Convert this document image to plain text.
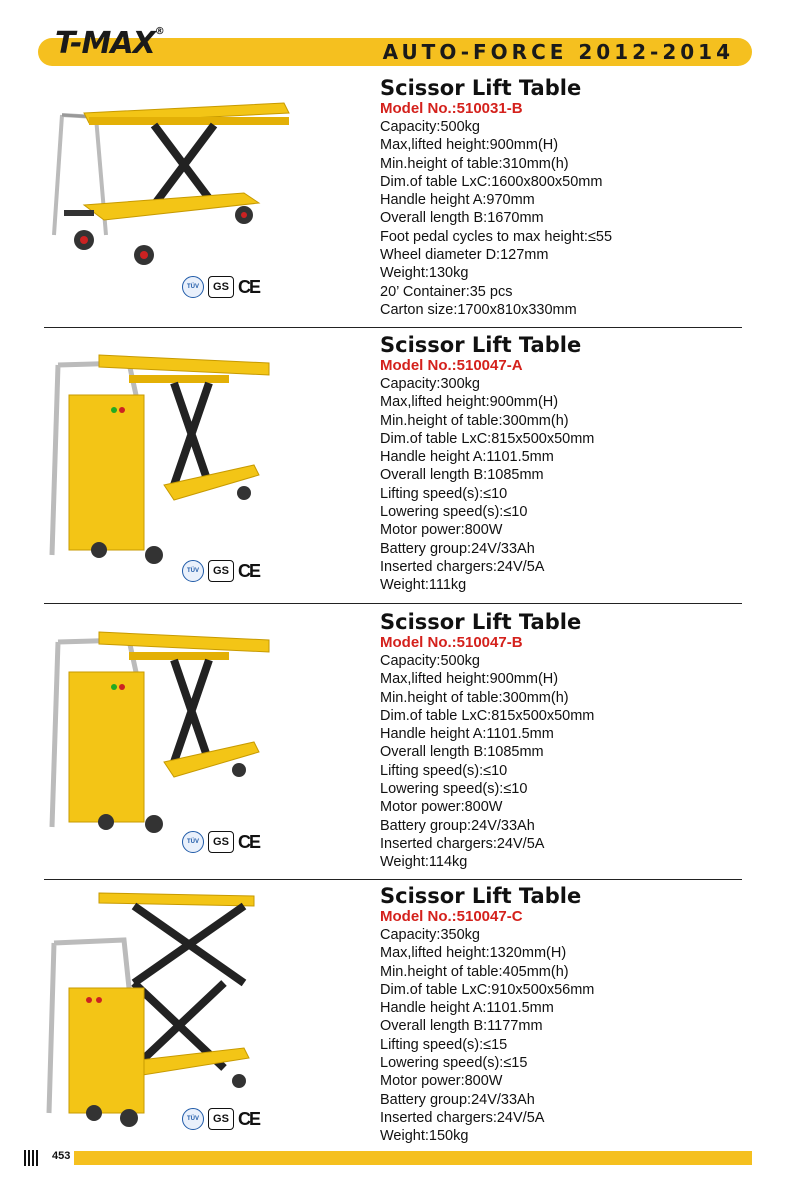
T-MAX®
AUTO-FORCE 2012-2014
TÜV	GS CE
Scissor Lift Table
Model No.:510031-B
Capacity:500kg
Max,lifted height:900mm(H)
Min.height of table:310mm(h)
Dim.of table LxC:1600x800x50mm
Handle height A:970mm
Overall length B:1670mm
Foot pedal cycles to max height:≤55
Wheel diameter D:127mm
Weight:130kg
20’ Container:35 pcs
Carton size:1700x810x330mm
TÜV	GS CE
Scissor Lift Table
Model No.:510047-A
Capacity:300kg
Max,lifted height:900mm(H)
Min.height of table:300mm(h)
Dim.of table LxC:815x500x50mm
Handle height A:1101.5mm
Overall length B:1085mm
Lifting speed(s):≤10
Lowering speed(s):≤10
Motor power:800W
Battery group:24V/33Ah
Inserted chargers:24V/5A
Weight:111kg
TÜV	GS CE
Scissor Lift Table
Model No.:510047-B
Capacity:500kg
Max,lifted height:900mm(H)
Min.height of table:300mm(h)
Dim.of table LxC:815x500x50mm
Handle height A:1101.5mm
Overall length B:1085mm
Lifting speed(s):≤10
Lowering speed(s):≤10
Motor power:800W
Battery group:24V/33Ah
Inserted chargers:24V/5A
Weight:114kg
TÜV	GS CE
Scissor Lift Table
Model No.:510047-C
Capacity:350kg
Max,lifted height:1320mm(H)
Min.height of table:405mm(h)
Dim.of table LxC:910x500x56mm
Handle height A:1101.5mm
Overall length B:1177mm
Lifting speed(s):≤15
Lowering speed(s):≤15
Motor power:800W
Battery group:24V/33Ah
Inserted chargers:24V/5A
Weight:150kg
453
